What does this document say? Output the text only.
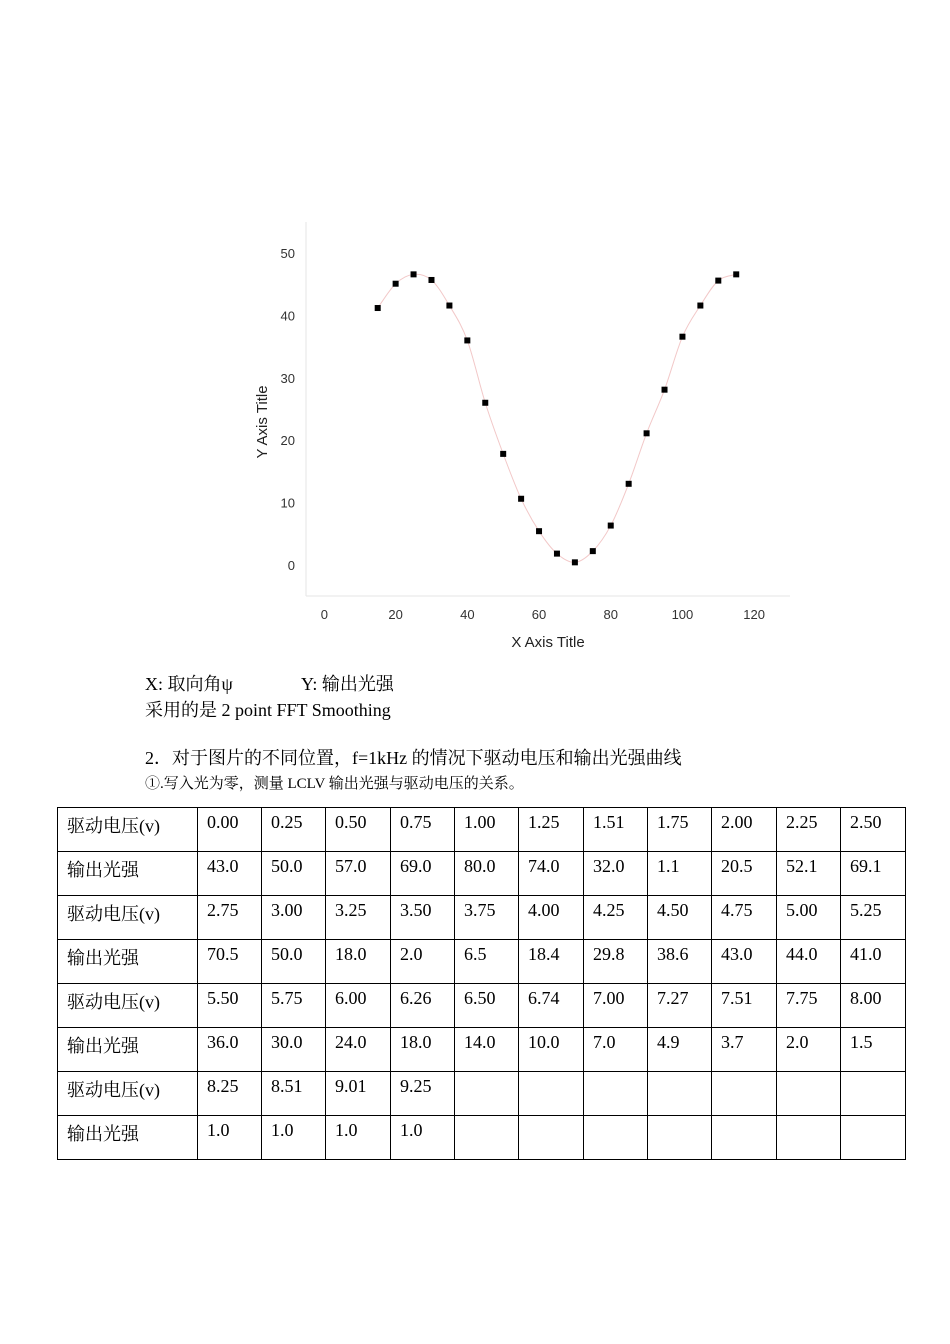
0	20	40	60	80	100	120
0
10
20
30
40
50
X Axis Title
Y Axis Title
X: 取向角ψ	Y: 输出光强
采用的是 2 point FFT Smoothing
2．对于图片的不同位置，f=1kHz 的情况下驱动电压和输出光强曲线
①.写入光为零，测量 LCLV 输出光强与驱动电压的关系。
驱动电压(v)	0.00	0.25	0.50	0.75	1.00	1.25	1.51	1.75	2.00	2.25	2.50
输出光强	43.0	50.0	57.0	69.0	80.0	74.0	32.0	1.1	20.5	52.1	69.1
驱动电压(v)	2.75	3.00	3.25	3.50	3.75	4.00	4.25	4.50	4.75	5.00	5.25
输出光强	70.5	50.0	18.0	2.0	6.5	18.4	29.8	38.6	43.0	44.0	41.0
驱动电压(v)	5.50	5.75	6.00	6.26	6.50	6.74	7.00	7.27	7.51	7.75	8.00
输出光强	36.0	30.0	24.0	18.0	14.0	10.0	7.0	4.9	3.7	2.0	1.5
驱动电压(v)	8.25	8.51	9.01	9.25							
输出光强	1.0	1.0	1.0	1.0							
